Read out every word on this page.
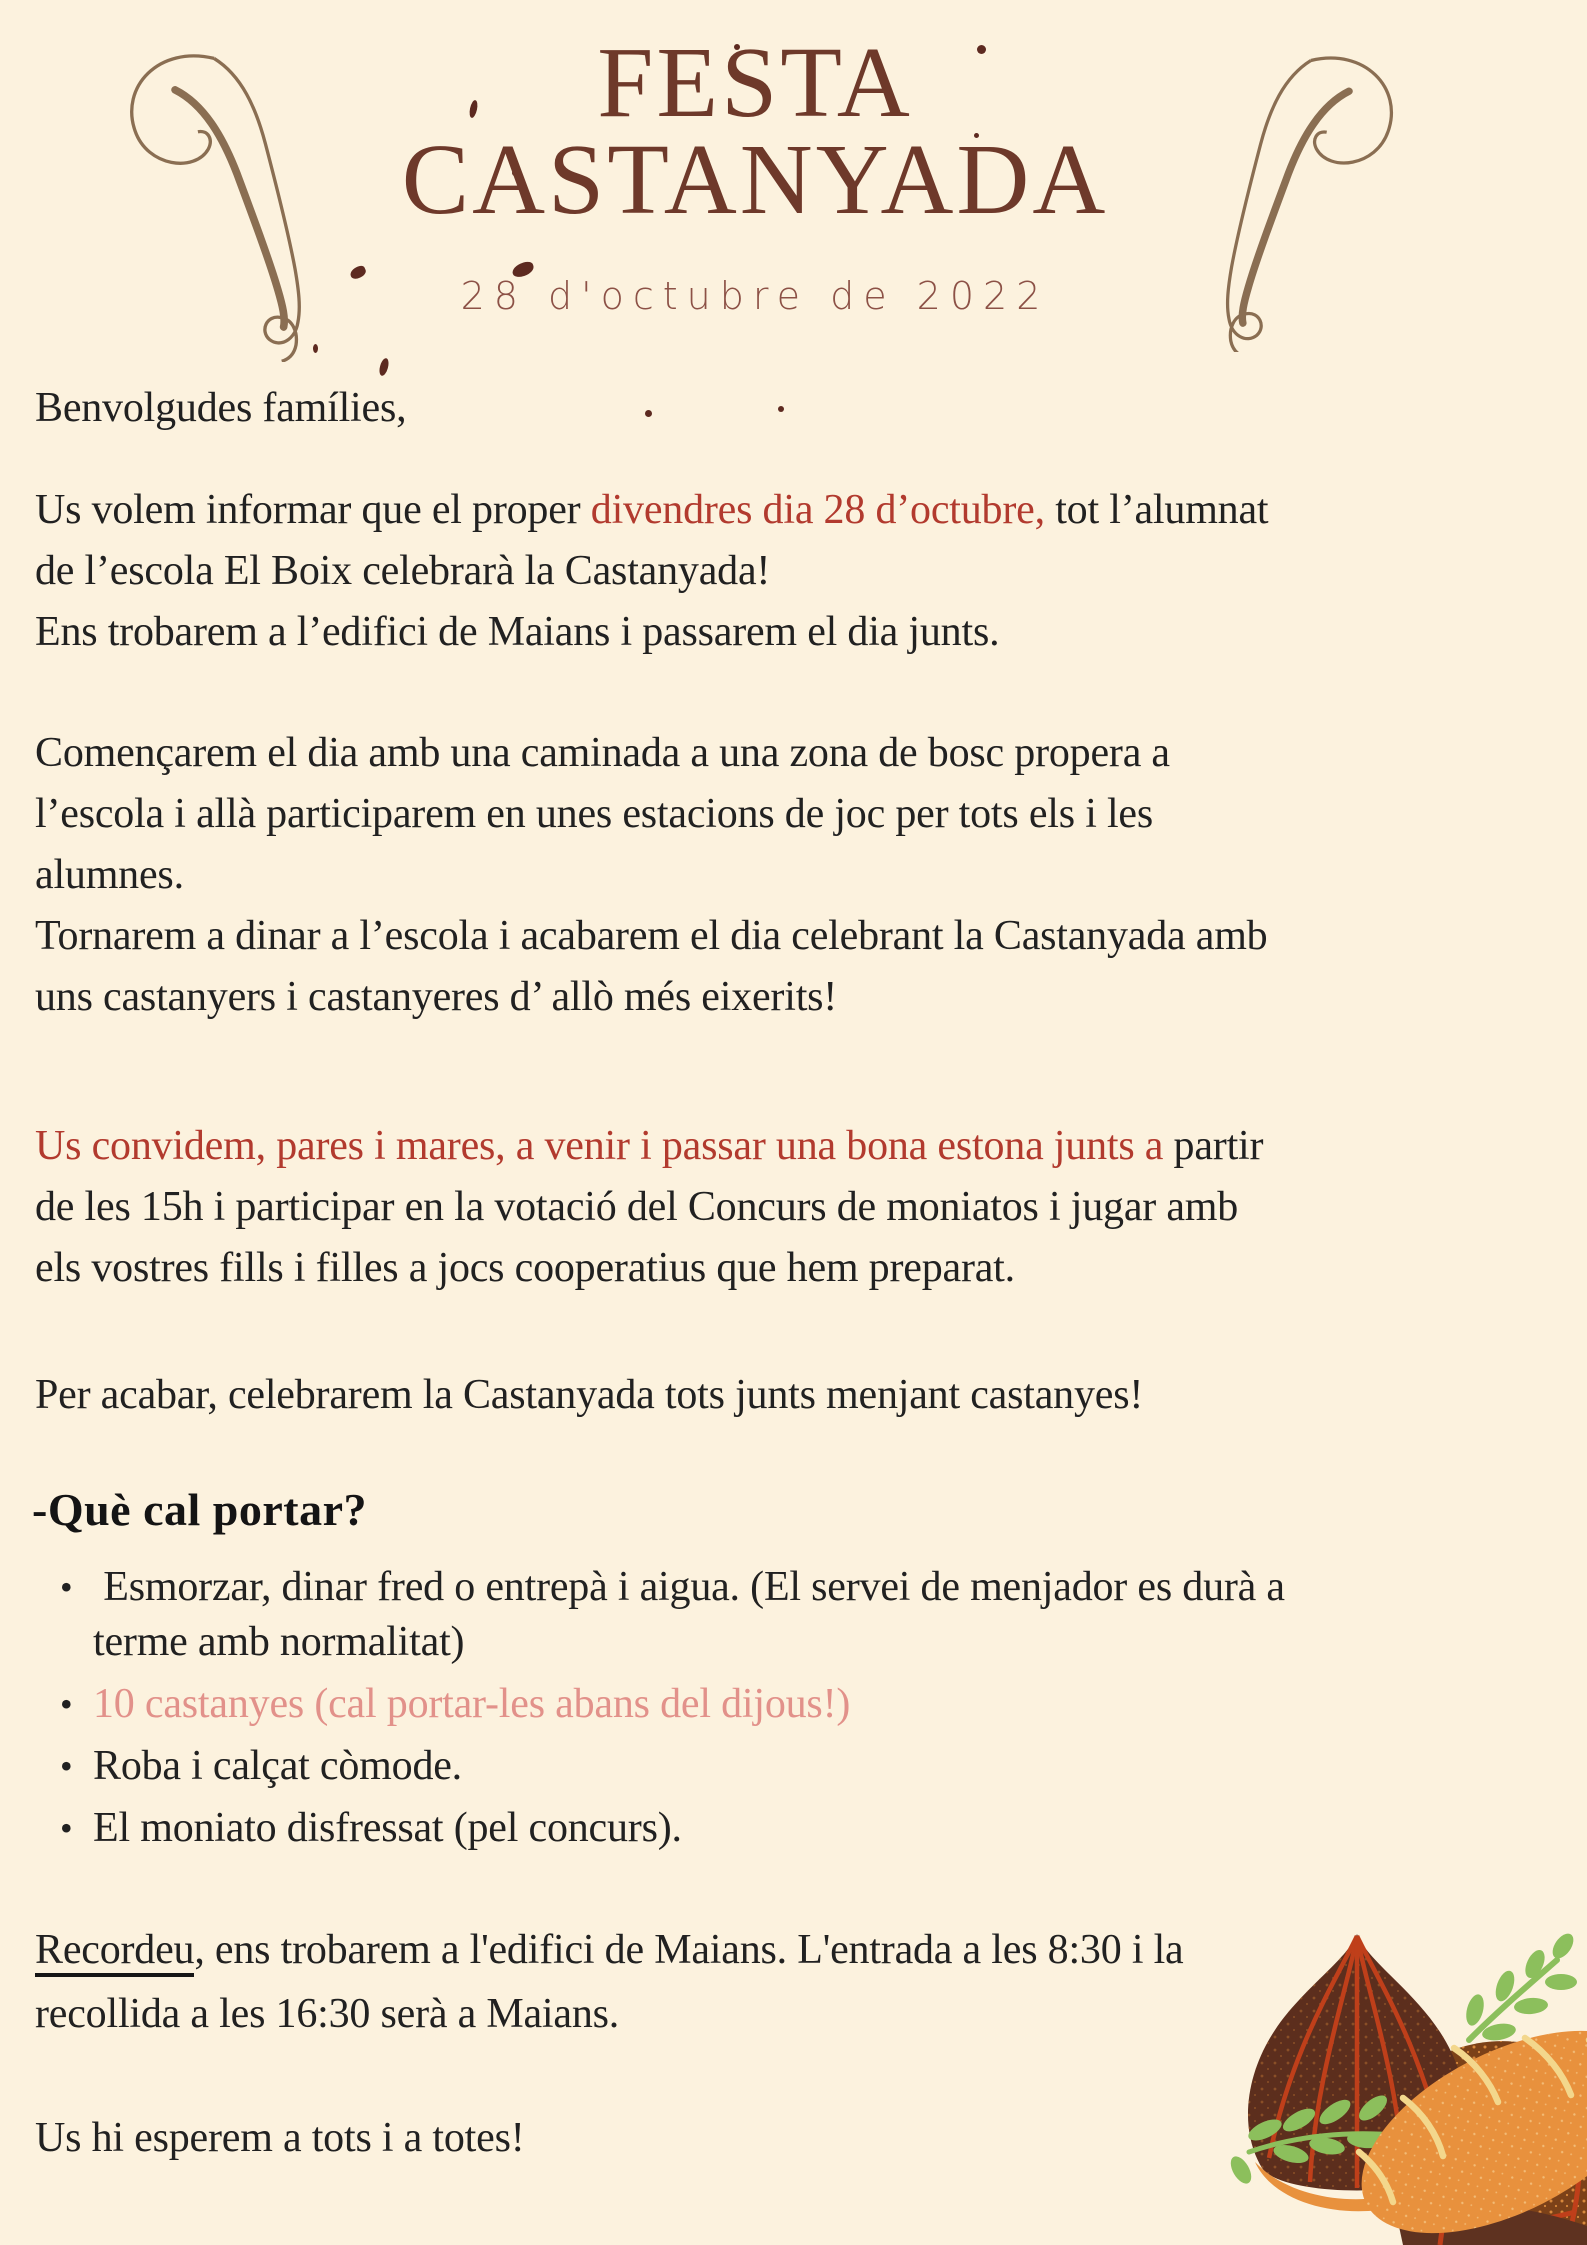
FESTA
CASTANYADA
28 d'octubre de 2022
Benvolgudes famílies,
Us volem informar que el proper divendres dia 28 d’octubre, tot l’alumnat
de l’escola El Boix celebrarà la Castanyada!
Ens trobarem a l’edifici de Maians i passarem el dia junts.
Començarem el dia amb una caminada a una zona de bosc propera a
l’escola i allà participarem en unes estacions de joc per tots els i les
alumnes.
Tornarem a dinar a l’escola i acabarem el dia celebrant la Castanyada amb
uns castanyers i castanyeres d’ allò més eixerits!
Us convidem, pares i mares, a venir i passar una bona estona junts a partir
de les 15h i participar en la votació del Concurs de moniatos i jugar amb
els vostres fills i filles a jocs cooperatius que hem preparat.
Per acabar, celebrarem la Castanyada tots junts menjant castanyes!
-Què cal portar?
• Esmorzar, dinar fred o entrepà i aigua. (El servei de menjador es durà a
terme amb normalitat)
• 10 castanyes (cal portar-les abans del dijous!)
• Roba i calçat còmode.
• El moniato disfressat (pel concurs).
Recordeu, ens trobarem a l'edifici de Maians. L'entrada a les 8:30 i la
recollida a les 16:30 serà a Maians.
Us hi esperem a tots i a totes!
